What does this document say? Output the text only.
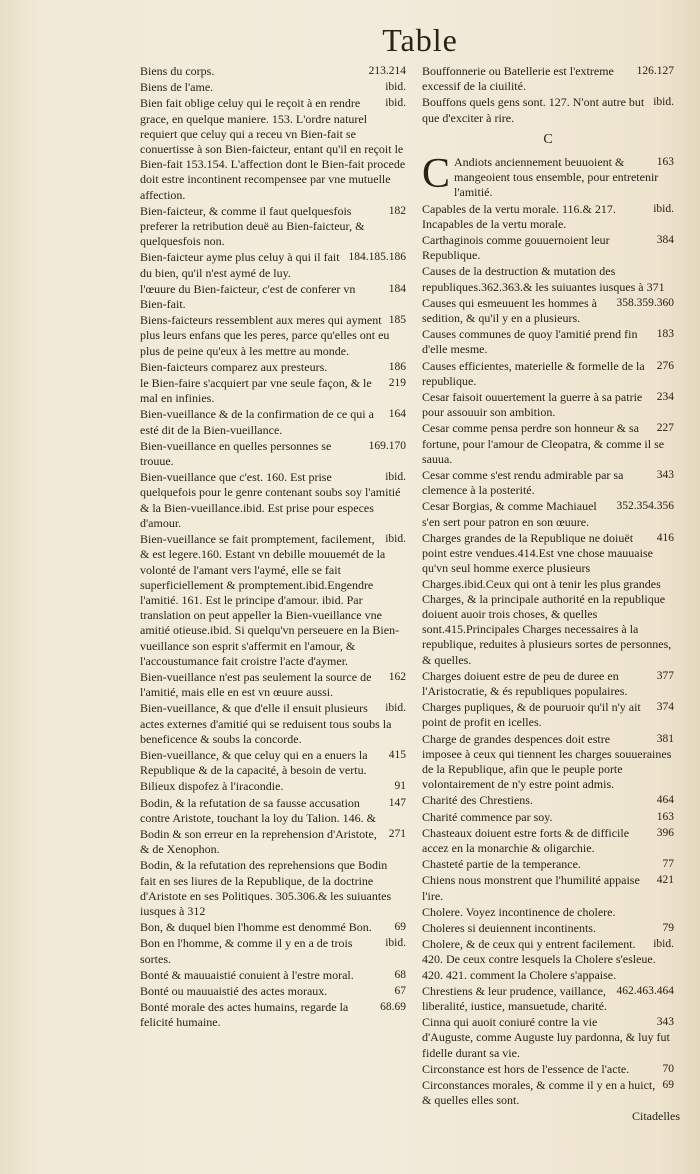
Table
213.214
Biens du corps.
ibid.
Biens de l'ame.
ibid.
Bien fait oblige celuy qui le reçoit à en rendre grace, en quelque maniere. 153. L'ordre naturel requiert que celuy qui a receu vn Bien-fait se conuertisse à son Bien-faicteur, entant qu'il en reçoit le Bien-fait 153.154. L'affection dont le Bien-fait procede doit estre incontinent recompensee par vne mutuelle affection.
182
Bien-faicteur, & comme il faut quelquesfois preferer la retribution deuë au Bien-faicteur, & quelquesfois non.
184.185.186
Bien-faicteur ayme plus celuy à qui il fait du bien, qu'il n'est aymé de luy.
184
l'œuure du Bien-faicteur, c'est de conferer vn Bien-fait.
185
Biens-faicteurs ressemblent aux meres qui ayment plus leurs enfans que les peres, parce qu'elles ont eu plus de peine qu'eux à les mettre au monde.
186
Bien-faicteurs comparez aux presteurs.
219
le Bien-faire s'acquiert par vne seule façon, & le mal en infinies.
164
Bien-vueillance & de la confirmation de ce qui a esté dit de la Bien-vueillance.
169.170
Bien-vueillance en quelles personnes se trouue.
ibid.
Bien-vueillance que c'est. 160. Est prise quelquefois pour le genre contenant soubs soy l'amitié & la Bien-vueillance.ibid. Est prise pour especes d'amour.
ibid.
Bien-vueillance se fait promptement, facilement, & est legere.160. Estant vn debille mouuemét de la volonté de l'amant vers l'aymé, elle se fait superficiellement & promptement.ibid.Engendre l'amitié. 161. Est le principe d'amour. ibid. Par translation on peut appeller la Bien-vueillance vne amitié otieuse.ibid. Si quelqu'vn perseuere en la Bien-vueillance son esprit s'affermit en l'amour, & l'accoustumance fait croistre l'acte d'aymer.
162
Bien-vueillance n'est pas seulement la source de l'amitié, mais elle en est vn œuure aussi.
ibid.
Bien-vueillance, & que d'elle il ensuit plusieurs actes externes d'amitié qui se reduisent tous soubs la beneficence & soubs la concorde.
415
Bien-vueillance, & que celuy qui en a enuers la Republique & de la capacité, à besoin de vertu.
91
Bilieux dispofez à l'iracondie.
147
Bodin, & la refutation de sa fausse accusation contre Aristote, touchant la loy du Talion. 146. &
271
Bodin & son erreur en la reprehension d'Aristote, & de Xenophon.
Bodin, & la refutation des reprehensions que Bodin fait en ses liures de la Republique, de la doctrine d'Aristote en ses Politiques. 305.306.& les suiuantes iusques à 312
69
Bon, & duquel bien l'homme est denommé Bon.
ibid.
Bon en l'homme, & comme il y en a de trois sortes.
68
Bonté & mauuaistié conuient à l'estre moral.
67
Bonté ou mauuaistié des actes moraux.
68.69
Bonté morale des actes humains, regarde la felicité humaine.
126.127
Bouffonnerie ou Batellerie est l'extreme excessif de la ciuilité.
ibid.
Bouffons quels gens sont. 127. N'ont autre but que d'exciter à rire.
C
163
C Andiots anciennement beuuoient & mangeoient tous ensemble, pour entretenir l'amitié.
ibid.
Capables de la vertu morale. 116.& 217. Incapables de la vertu morale.
384
Carthaginois comme gouuernoient leur Republique.
Causes de la destruction & mutation des republiques.362.363.& les suiuantes iusques à 371
358.359.360
Causes qui esmeuuent les hommes à sedition, & qu'il y en a plusieurs.
183
Causes communes de quoy l'amitié prend fin d'elle mesme.
276
Causes efficientes, materielle & formelle de la republique.
234
Cesar faisoit ouuertement la guerre à sa patrie pour assouuir son ambition.
227
Cesar comme pensa perdre son honneur & sa fortune, pour l'amour de Cleopatra, & comme il se sauua.
343
Cesar comme s'est rendu admirable par sa clemence à la posterité.
352.354.356
Cesar Borgias, & comme Machiauel s'en sert pour patron en son œuure.
416
Charges grandes de la Republique ne doiuët point estre vendues.414.Est vne chose mauuaise qu'vn seul homme exerce plusieurs Charges.ibid.Ceux qui ont à tenir les plus grandes Charges, & la principale authorité en la republique doiuent auoir trois choses, & quelles sont.415.Principales Charges necessaires à la republique, reduites à plusieurs sortes de personnes, & quelles.
377
Charges doiuent estre de peu de duree en l'Aristocratie, & és republiques populaires.
374
Charges pupliques, & de pouruoir qu'il n'y ait point de profit en icelles.
381
Charge de grandes despences doit estre imposee à ceux qui tiennent les charges souueraines de la Republique, afin que le peuple porte volontairement de n'y estre point admis.
464
Charité des Chrestiens.
163
Charité commence par soy.
396
Chasteaux doiuent estre forts & de difficile accez en la monarchie & oligarchie.
77
Chasteté partie de la temperance.
421
Chiens nous monstrent que l'humilité appaise l'ire.
Cholere. Voyez incontinence de cholere.
79
Choleres si deuiennent incontinents.
ibid.
Cholere, & de ceux qui y entrent facilement. 420. De ceux contre lesquels la Cholere s'esleue. 420. 421. comment la Cholere s'appaise.
462.463.464
Chrestiens & leur prudence, vaillance, liberalité, iustice, mansuetude, charité.
343
Cinna qui auoit coniuré contre la vie d'Auguste, comme Auguste luy pardonna, & luy fut fidelle durant sa vie.
70
Circonstance est hors de l'essence de l'acte.
69
Circonstances morales, & comme il y en a huict, & quelles elles sont.
Citadelles
